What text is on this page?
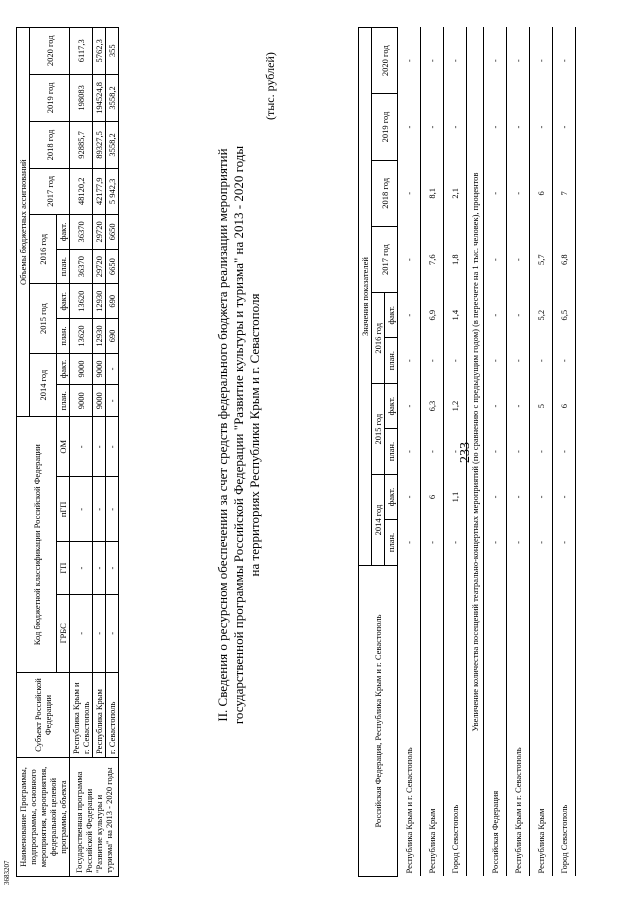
233
Российская Федерация, Республика Крым и г. Севастополь	Значения показателей									
	2014 год		2015 год		2016 год		2017 год	2018 год	2019 год	2020 год
	план.	факт.	план.	факт.	план.	факт.				
Республика Крым и г. Севастополь	-	-	-	-	-	-	-	-	-	-
Республика Крым	-	6	-	6,3	-	6,9	7,6	8,1	-	-
Город Севастополь	-	1,1	-	1,2	-	1,4	1,8	2,1	-	-
Увеличение количества посещений театрально-концертных мероприятий (по сравнению с предыдущим годом) (в пересчете на 1 тыс. человек), процентов										
Российская Федерация	-	-	-	-	-	-	-	-	-	-
Республика Крым и г. Севастополь	-	-	-	-	-	-	-	-	-	-
Республика Крым	-	-	-	5	-	5,2	5,7	6	-	-
Город Севастополь	-	-	-	6	-	6,5	6,8	7	-	-
II. Сведения о ресурсном обеспечении за счет средств федерального бюджета реализации мероприятий государственной программы Российской Федерации "Развитие культуры и туризма" на 2013 - 2020 годы на территориях Республики Крым и г. Севастополя
(тыс. рублей)
Наименование Программы, подпрограммы, основного мероприятия, мероприятия, федеральной целевой программы, объекта	Субъект Российской Федерации	Код бюджетной классификации Российской Федерации				Объемы бюджетных ассигнований									
						2014 год		2015 год		2016 год		2017 год	2018 год	2019 год	2020 год
		ГРБС	ГП	пГП	ОМ	план.	факт.	план.	факт.	план.	факт.				
Государственная программа Российской Федерации "Развитие культуры и туризма" на 2013 - 2020 годы	Республика Крым и г. Севастополь	-	-	-	-	9000	9000	13620	13620	36370	36370	48120,2	92885,7	198083	6117,3
	Республика Крым	-	-	-	-	9000	9000	12930	12930	29720	29720	42177,9	89327,5	194524,8	5762,3
	г. Севастополь	-	-	-	-	-	-	690	690	6650	6650	5 942,3	3558,2	3558,2	355
3683207
